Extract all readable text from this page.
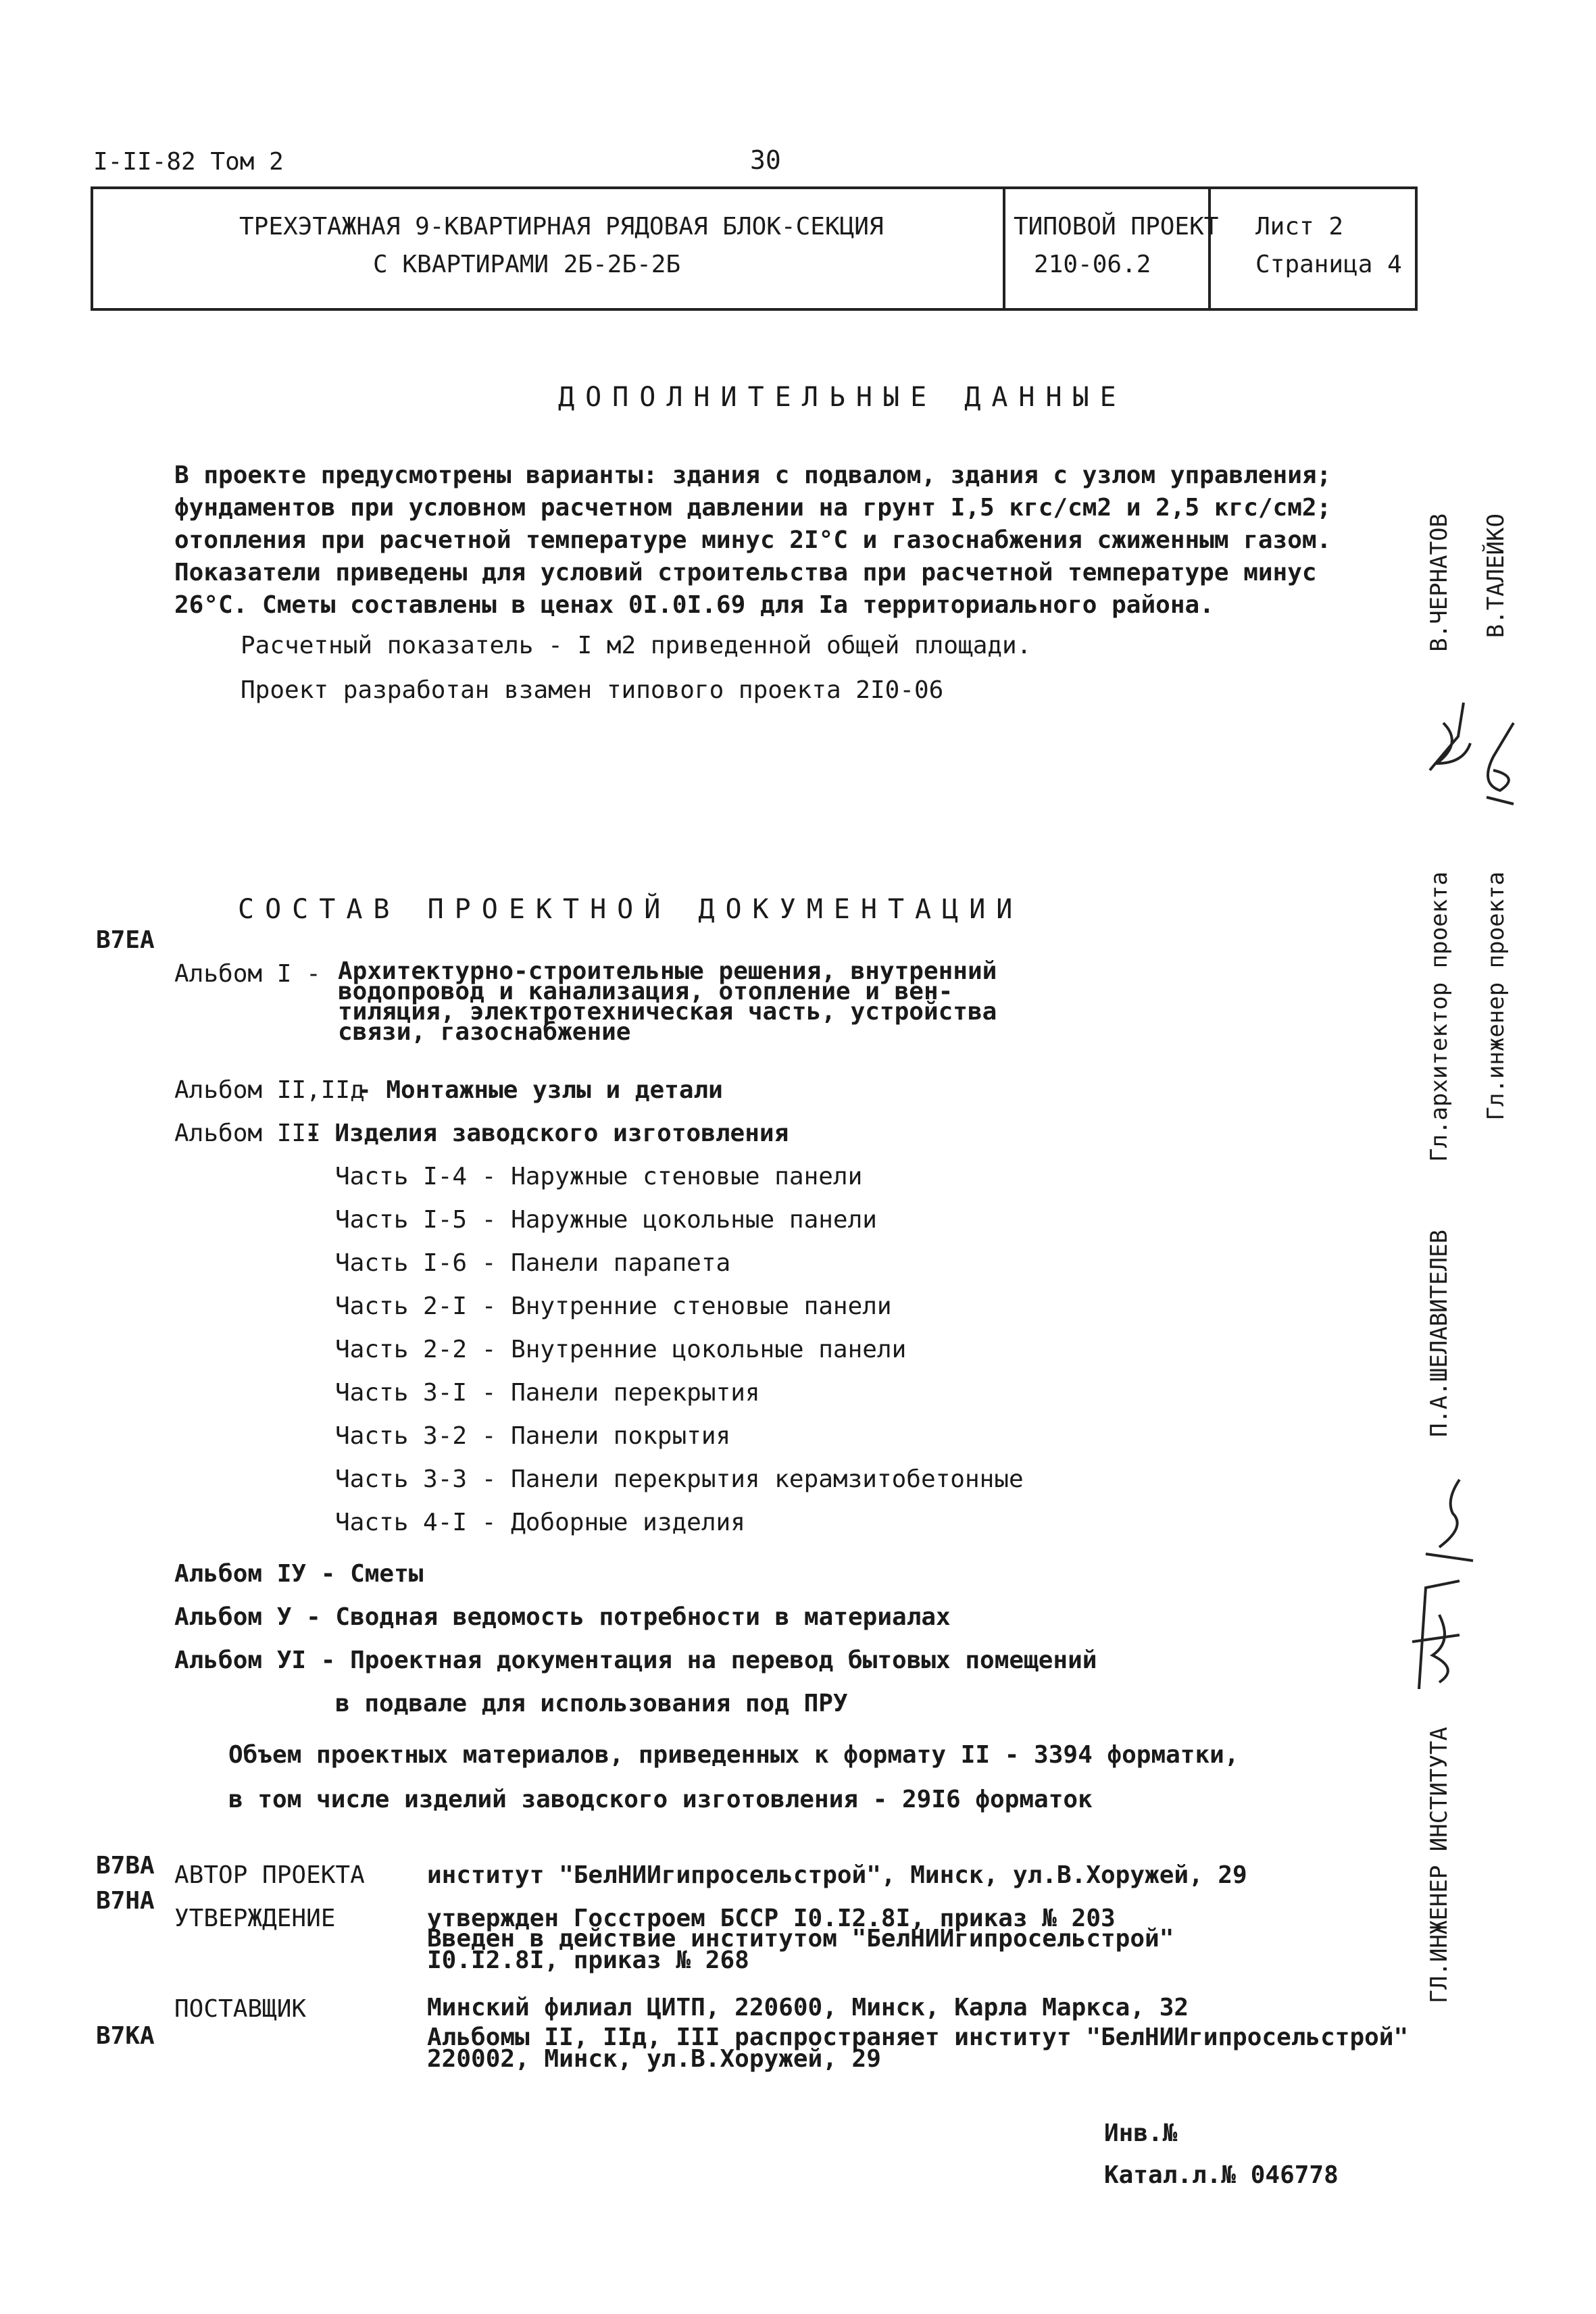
I-II-82 Том 2	30
ТРЕХЭТАЖНАЯ 9-КВАРТИРНАЯ РЯДОВАЯ БЛОК-СЕКЦИЯ
С КВАРТИРАМИ 2Б-2Б-2Б
ТИПОВОЙ ПРОЕКТ
210-06.2
Лист 2
Страница 4
ДОПОЛНИТЕЛЬНЫЕ ДАННЫЕ
В проекте предусмотрены варианты: здания с подвалом, здания с узлом управления; фундаментов при условном расчетном давлении на грунт I,5 кгс/см2 и 2,5 кгс/см2; отопления при расчетной температуре минус 2I°С и газоснабжения сжиженным газом. Показатели приведены для условий строительства при расчетной температуре минус 26°С. Сметы составлены в ценах 0I.0I.69 для Iа территориального района.
Расчетный показатель - I м2 приведенной общей площади.
Проект разработан взамен типового проекта 2I0-06
СОСТАВ ПРОЕКТНОЙ ДОКУМЕНТАЦИИ
В7ЕА
Альбом I - Архитектурно-строительные решения, внутренний
водопровод и канализация, отопление и вен-
тиляция, электротехническая часть, устройства
связи, газоснабжение
Альбом II,IIд
- Монтажные узлы и детали
Альбом III
- Изделия заводского изготовления
Часть I-4 - Наружные стеновые панели
Часть I-5 - Наружные цокольные панели
Часть I-6 - Панели парапета
Часть 2-I - Внутренние стеновые панели
Часть 2-2 - Внутренние цокольные панели
Часть 3-I - Панели перекрытия
Часть 3-2 - Панели покрытия
Часть 3-3 - Панели перекрытия керамзитобетонные
Часть 4-I - Доборные изделия
Альбом IУ - Сметы
Альбом У - Сводная ведомость потребности в материалах
Альбом УI - Проектная документация на перевод бытовых помещений
в подвале для использования под ПРУ
Объем проектных материалов, приведенных к формату II - 3394 форматки,
в том числе изделий заводского изготовления - 29I6 форматок
В7ВА
В7НА
В7КА
АВТОР ПРОЕКТА	институт "БелНИИгипросельстрой", Минск, ул.В.Хоружей, 29
УТВЕРЖДЕНИЕ	утвержден Госстроем БССР I0.I2.8I, приказ № 203
Введен в действие институтом "БелНИИгипросельстрой"
I0.I2.8I, приказ № 268
ПОСТАВЩИК	Минский филиал ЦИТП, 220600, Минск, Карла Маркса, 32
Альбомы II, IIд, III распространяет институт "БелНИИгипросельстрой"
220002, Минск, ул.В.Хоружей, 29
Инв.№
Катал.л.№ 046778
В.ЧЕРНАТОВ В.ТАЛЕЙКО
Гл.архитектор проекта Гл.инженер проекта
П.А.ШЕЛАВИТЕЛЕВ
ГЛ.ИНЖЕНЕР ИНСТИТУТА
